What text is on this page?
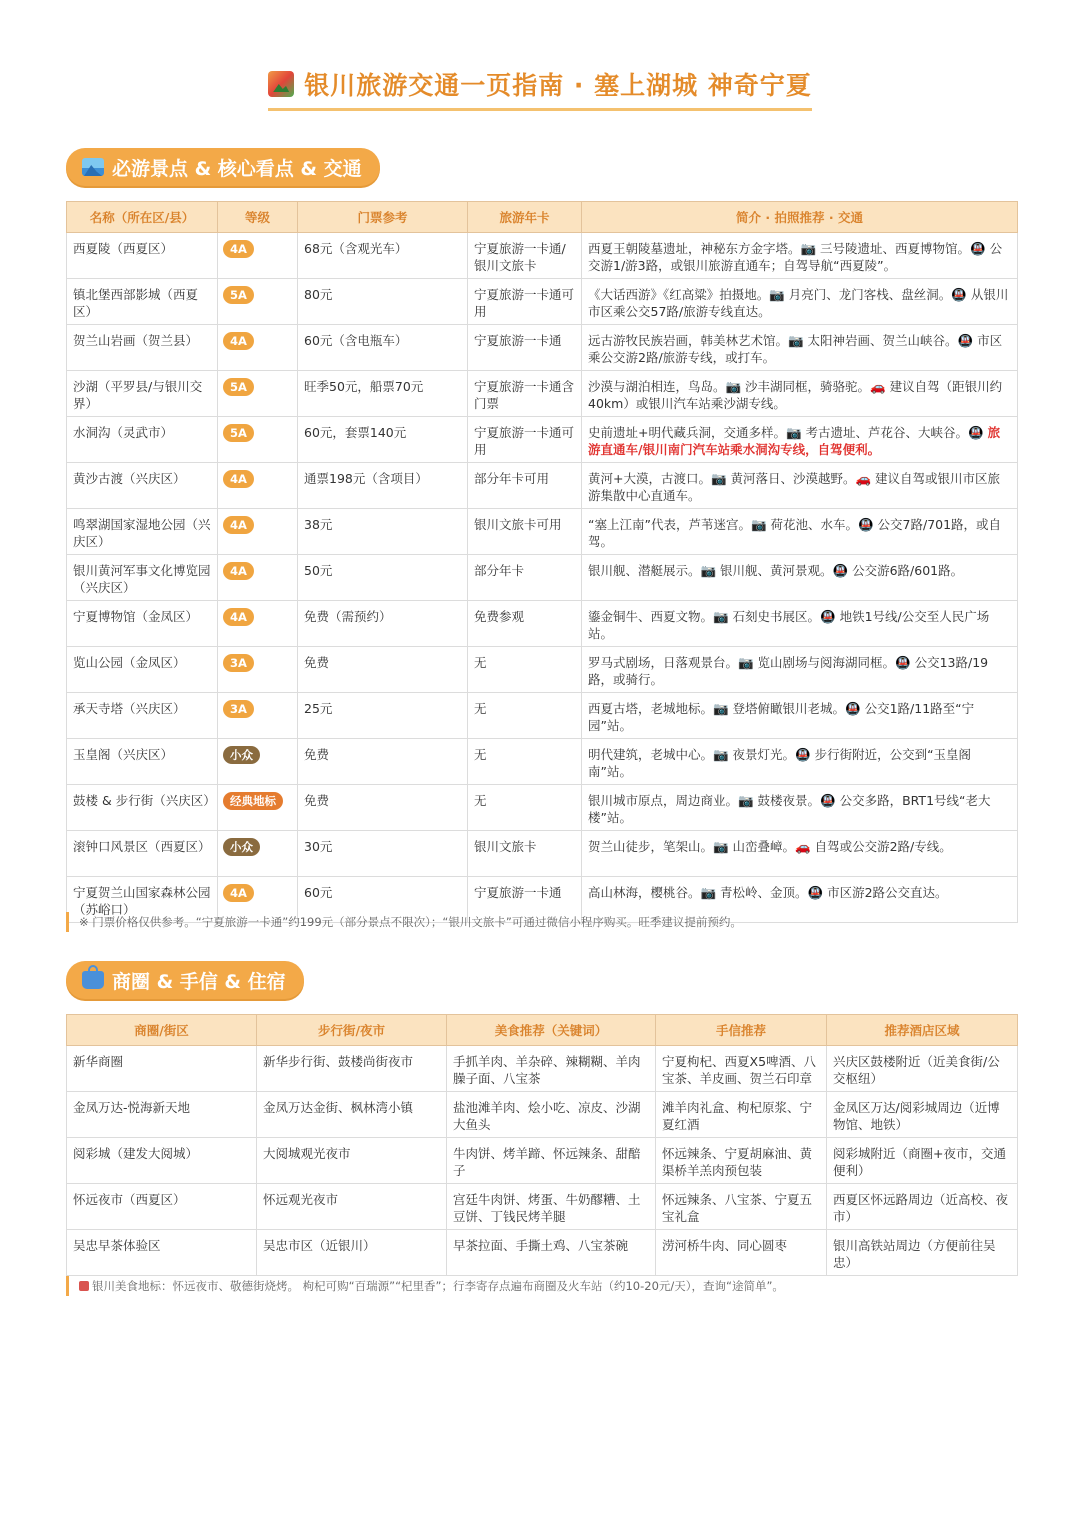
银川旅游交通一页指南 · 塞上湖城 神奇宁夏
必游景点 & 核心看点 & 交通
名称（所在区/县）	等级	门票参考	旅游年卡	简介 · 拍照推荐 · 交通
西夏陵（西夏区）	4A	68元（含观光车）	宁夏旅游一卡通/银川文旅卡	西夏王朝陵墓遗址，神秘东方金字塔。📷 三号陵遗址、西夏博物馆。🚇 公交游1/游3路，或银川旅游直通车；自驾导航“西夏陵”。
镇北堡西部影城（西夏区）	5A	80元	宁夏旅游一卡通可用	《大话西游》《红高粱》拍摄地。📷 月亮门、龙门客栈、盘丝洞。🚇 从银川市区乘公交57路/旅游专线直达。
贺兰山岩画（贺兰县）	4A	60元（含电瓶车）	宁夏旅游一卡通	远古游牧民族岩画，韩美林艺术馆。📷 太阳神岩画、贺兰山峡谷。🚇 市区乘公交游2路/旅游专线，或打车。
沙湖（平罗县/与银川交界）	5A	旺季50元，船票70元	宁夏旅游一卡通含门票	沙漠与湖泊相连，鸟岛。📷 沙丰湖同框，骑骆驼。🚗 建议自驾（距银川约40km）或银川汽车站乘沙湖专线。
水洞沟（灵武市）	5A	60元，套票140元	宁夏旅游一卡通可用	史前遗址+明代藏兵洞，交通多样。📷 考古遗址、芦花谷、大峡谷。🚇 旅游直通车/银川南门汽车站乘水洞沟专线，自驾便利。
黄沙古渡（兴庆区）	4A	通票198元（含项目）	部分年卡可用	黄河+大漠，古渡口。📷 黄河落日、沙漠越野。🚗 建议自驾或银川市区旅游集散中心直通车。
鸣翠湖国家湿地公园（兴庆区）	4A	38元	银川文旅卡可用	“塞上江南”代表，芦苇迷宫。📷 荷花池、水车。🚇 公交7路/701路，或自驾。
银川黄河军事文化博览园（兴庆区）	4A	50元	部分年卡	银川舰、潜艇展示。📷 银川舰、黄河景观。🚇 公交游6路/601路。
宁夏博物馆（金凤区）	4A	免费（需预约）	免费参观	鎏金铜牛、西夏文物。📷 石刻史书展区。🚇 地铁1号线/公交至人民广场站。
览山公园（金凤区）	3A	免费	无	罗马式剧场，日落观景台。📷 览山剧场与阅海湖同框。🚇 公交13路/19路，或骑行。
承天寺塔（兴庆区）	3A	25元	无	西夏古塔，老城地标。📷 登塔俯瞰银川老城。🚇 公交1路/11路至“宁园”站。
玉皇阁（兴庆区）	小众	免费	无	明代建筑，老城中心。📷 夜景灯光。🚇 步行街附近，公交到“玉皇阁南”站。
鼓楼 & 步行街（兴庆区）	经典地标	免费	无	银川城市原点，周边商业。📷 鼓楼夜景。🚇 公交多路，BRT1号线“老大楼”站。
滚钟口风景区（西夏区）	小众	30元	银川文旅卡	贺兰山徒步，笔架山。📷 山峦叠嶂。🚗 自驾或公交游2路/专线。
宁夏贺兰山国家森林公园（苏峪口）	4A	60元	宁夏旅游一卡通	高山林海，樱桃谷。📷 青松岭、金顶。🚇 市区游2路公交直达。
※ 门票价格仅供参考。“宁夏旅游一卡通”约199元（部分景点不限次）；“银川文旅卡”可通过微信小程序购买。旺季建议提前预约。
商圈 & 手信 & 住宿
商圈/街区	步行街/夜市	美食推荐（关键词）	手信推荐	推荐酒店区域
新华商圈	新华步行街、鼓楼尚街夜市	手抓羊肉、羊杂碎、辣糊糊、羊肉臊子面、八宝茶	宁夏枸杞、西夏X5啤酒、八宝茶、羊皮画、贺兰石印章	兴庆区鼓楼附近（近美食街/公交枢纽）
金凤万达-悦海新天地	金凤万达金街、枫林湾小镇	盐池滩羊肉、烩小吃、凉皮、沙湖大鱼头	滩羊肉礼盒、枸杞原浆、宁夏红酒	金凤区万达/阅彩城周边（近博物馆、地铁）
阅彩城（建发大阅城）	大阅城观光夜市	牛肉饼、烤羊蹄、怀远辣条、甜醅子	怀远辣条、宁夏胡麻油、黄渠桥羊羔肉预包装	阅彩城附近（商圈+夜市，交通便利）
怀远夜市（西夏区）	怀远观光夜市	宫廷牛肉饼、烤蛋、牛奶醪糟、土豆饼、丁钱民烤羊腿	怀远辣条、八宝茶、宁夏五宝礼盒	西夏区怀远路周边（近高校、夜市）
吴忠早茶体验区	吴忠市区（近银川）	早茶拉面、手撕土鸡、八宝茶碗	涝河桥牛肉、同心圆枣	银川高铁站周边（方便前往吴忠）
银川美食地标：怀远夜市、敬德街烧烤。 枸杞可购“百瑞源”“杞里香”；行李寄存点遍布商圈及火车站（约10-20元/天），查询“途简单”。
